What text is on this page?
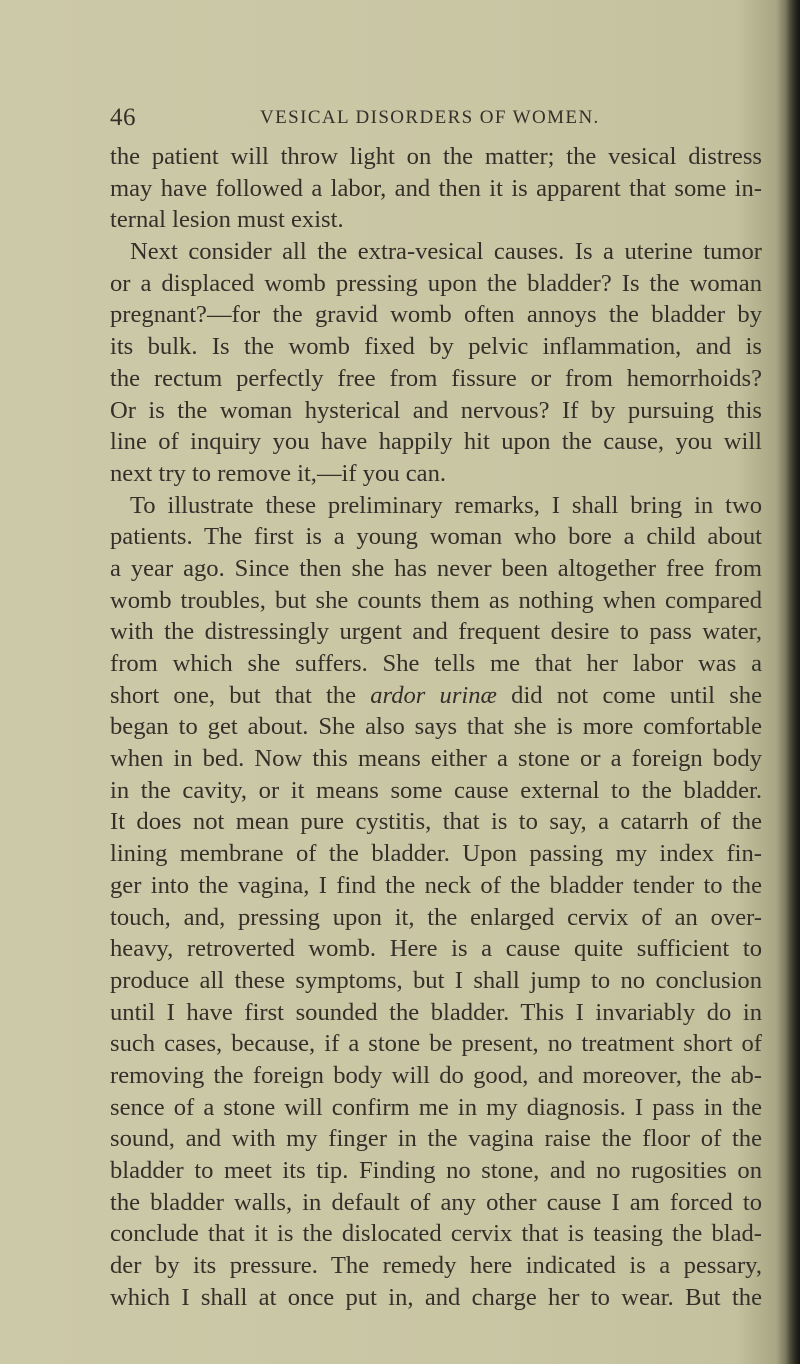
46	VESICAL DISORDERS OF WOMEN.
the patient will throw light on the matter; the vesical distress
may have followed a labor, and then it is apparent that some in-
ternal lesion must exist.
Next consider all the extra-vesical causes. Is a uterine tumor
or a displaced womb pressing upon the bladder? Is the woman
pregnant?—for the gravid womb often annoys the bladder by
its bulk. Is the womb fixed by pelvic inflammation, and is
the rectum perfectly free from fissure or from hemorrhoids?
Or is the woman hysterical and nervous? If by pursuing this
line of inquiry you have happily hit upon the cause, you will
next try to remove it,—if you can.
To illustrate these preliminary remarks, I shall bring in two
patients. The first is a young woman who bore a child about
a year ago. Since then she has never been altogether free from
womb troubles, but she counts them as nothing when compared
with the distressingly urgent and frequent desire to pass water,
from which she suffers. She tells me that her labor was a
short one, but that the ardor urinæ did not come until she
began to get about. She also says that she is more comfortable
when in bed. Now this means either a stone or a foreign body
in the cavity, or it means some cause external to the bladder.
It does not mean pure cystitis, that is to say, a catarrh of the
lining membrane of the bladder. Upon passing my index fin-
ger into the vagina, I find the neck of the bladder tender to the
touch, and, pressing upon it, the enlarged cervix of an over-
heavy, retroverted womb. Here is a cause quite sufficient to
produce all these symptoms, but I shall jump to no conclusion
until I have first sounded the bladder. This I invariably do in
such cases, because, if a stone be present, no treatment short of
removing the foreign body will do good, and moreover, the ab-
sence of a stone will confirm me in my diagnosis. I pass in the
sound, and with my finger in the vagina raise the floor of the
bladder to meet its tip. Finding no stone, and no rugosities on
the bladder walls, in default of any other cause I am forced to
conclude that it is the dislocated cervix that is teasing the blad-
der by its pressure. The remedy here indicated is a pessary,
which I shall at once put in, and charge her to wear. But the
